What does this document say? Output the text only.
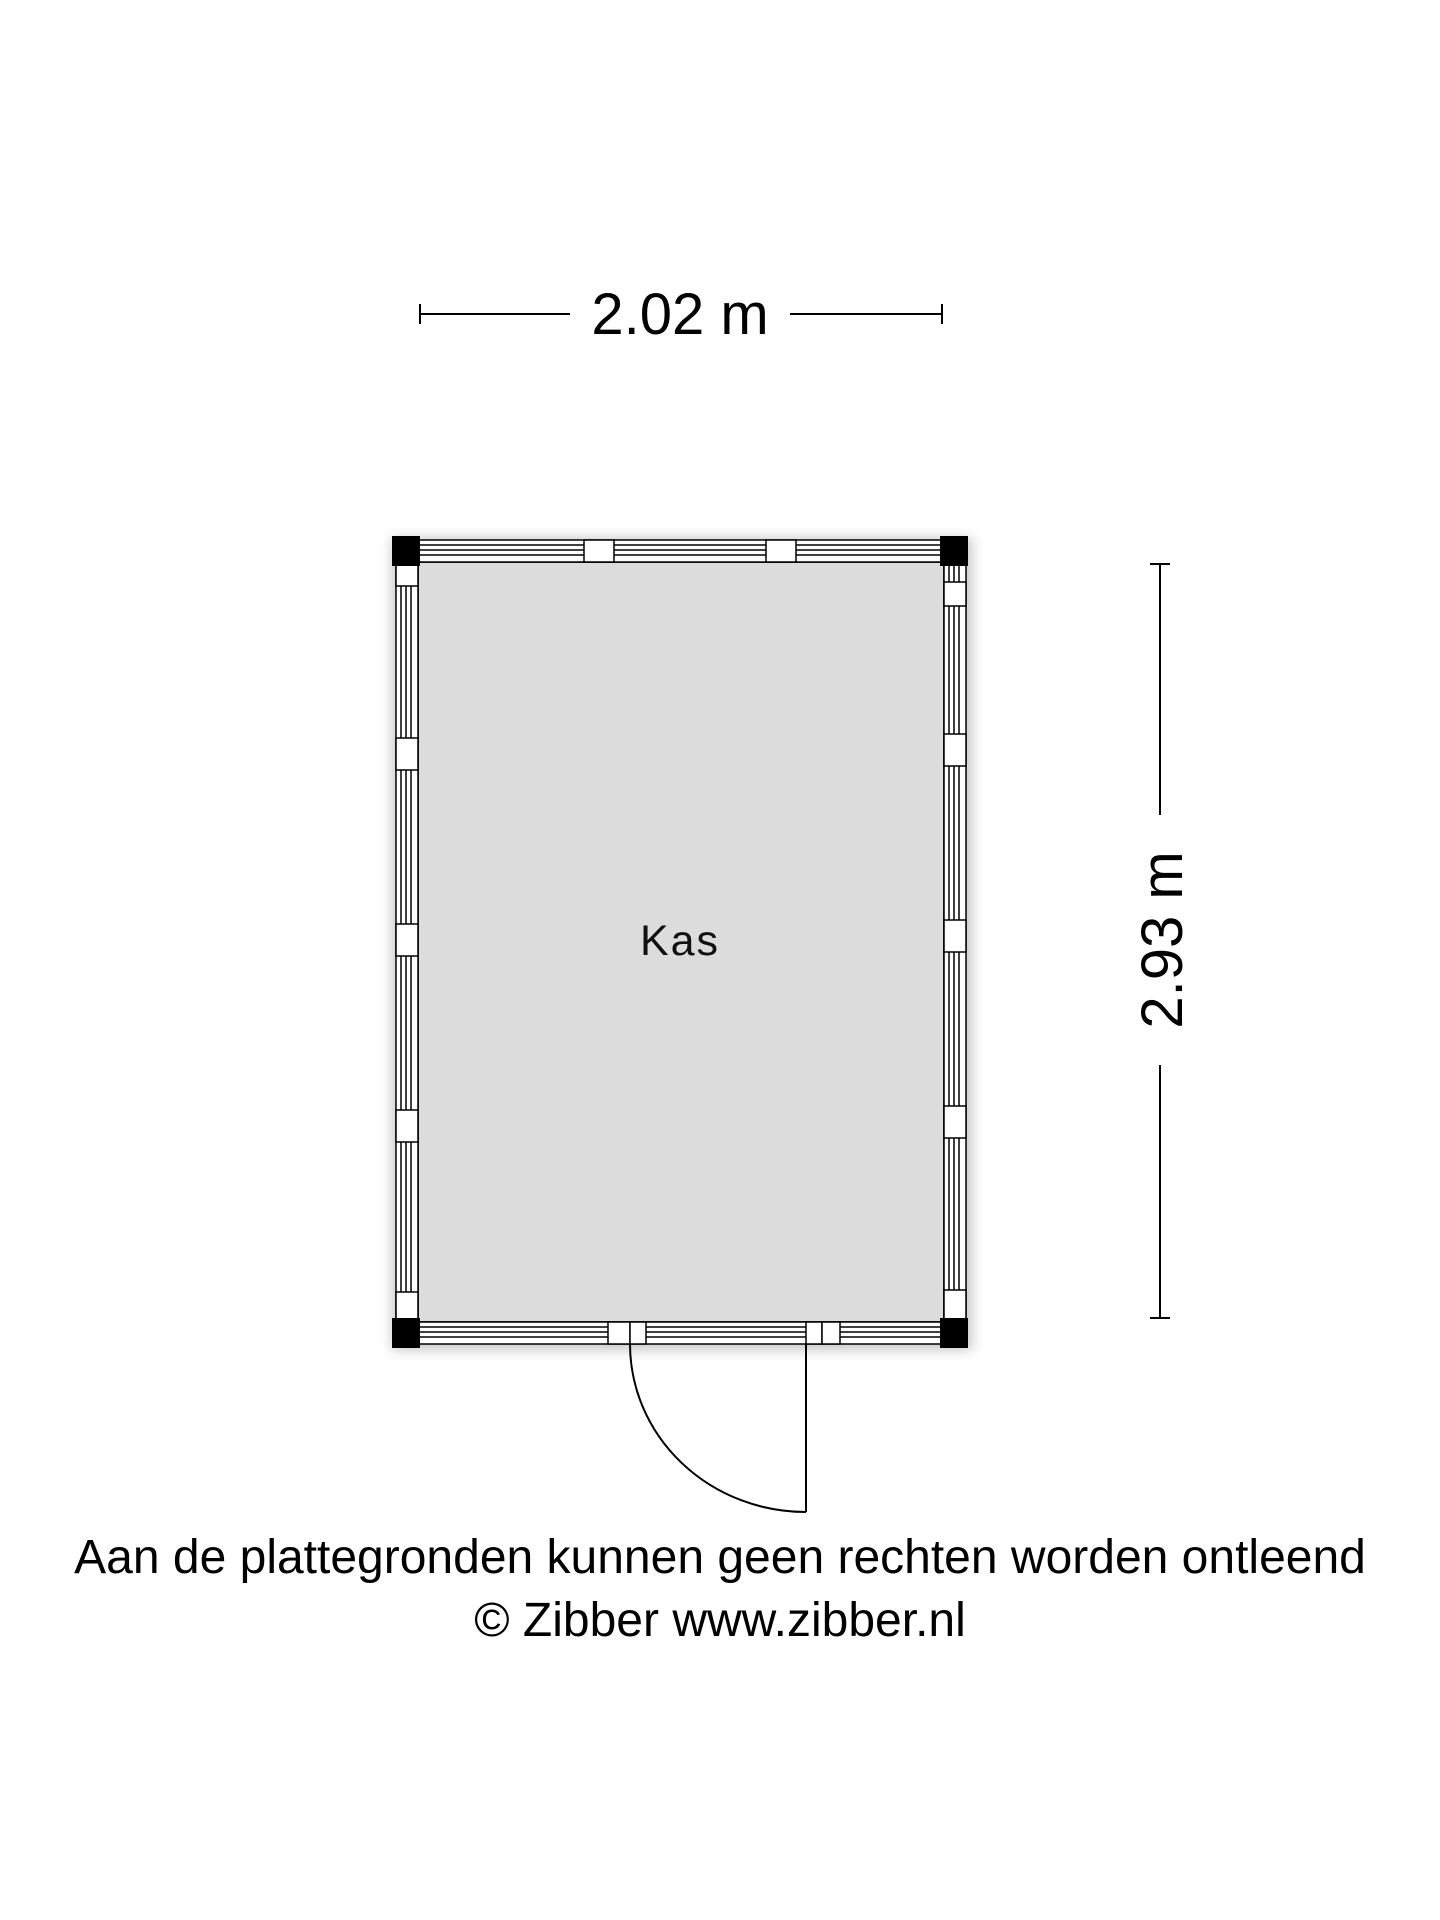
2.02 m
2.93 m
Kas
Aan de plattegronden kunnen geen rechten worden ontleend
© Zibber www.zibber.nl
